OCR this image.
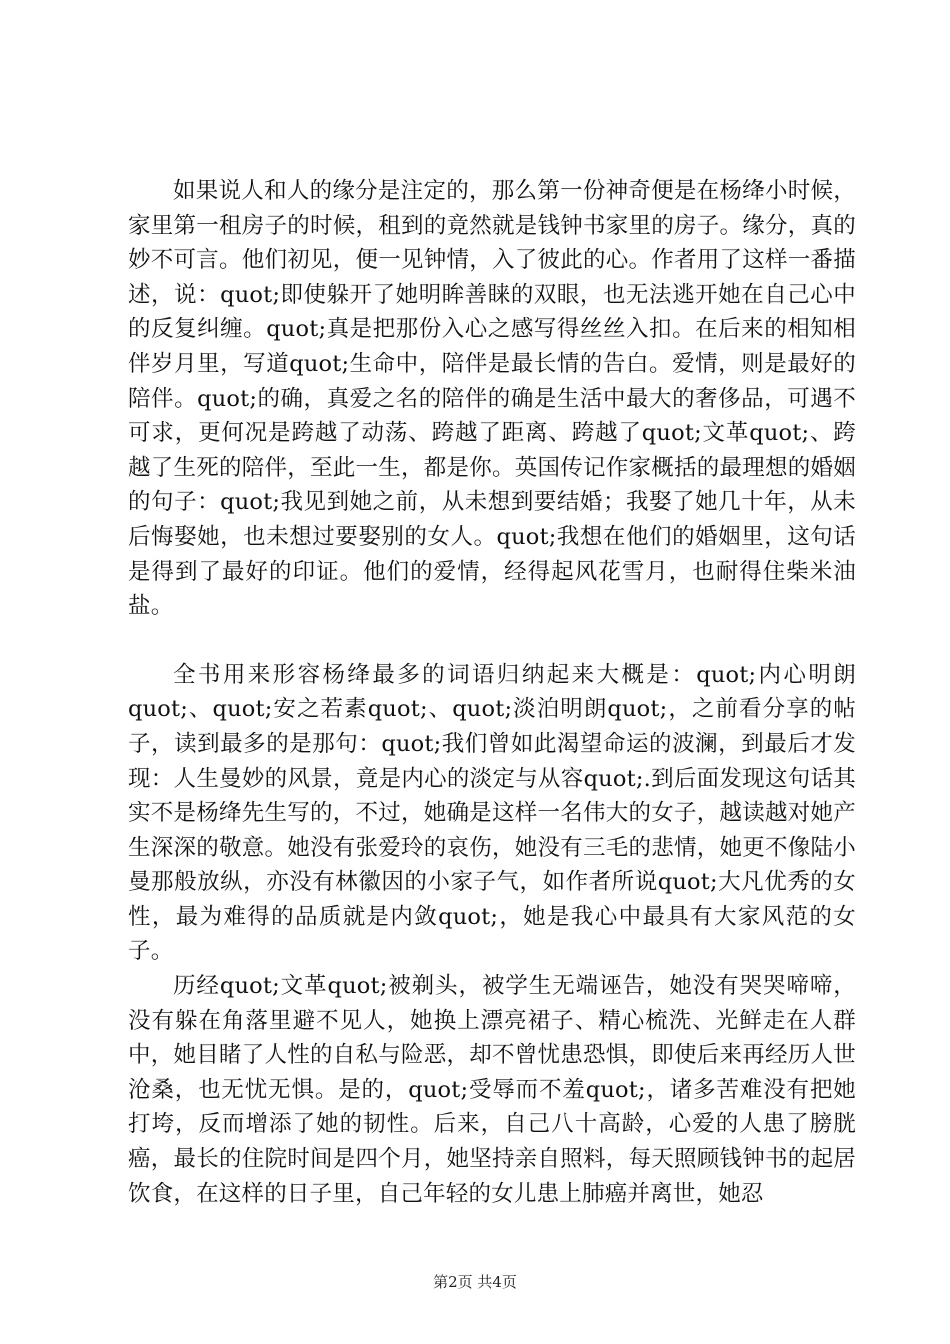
如果说人和人的缘分是注定的，那么第一份神奇便是在杨绛小时候，家里第一租房子的时候，租到的竟然就是钱钟书家里的房子。缘分，真的妙不可言。他们初见，便一见钟情，入了彼此的心。作者用了这样一番描述，说：quot;即使躲开了她明眸善睐的双眼，也无法逃开她在自己心中的反复纠缠。quot;真是把那份入心之感写得丝丝入扣。在后来的相知相伴岁月里，写道quot;生命中，陪伴是最长情的告白。爱情，则是最好的陪伴。quot;的确，真爱之名的陪伴的确是生活中最大的奢侈品，可遇不可求，更何况是跨越了动荡、跨越了距离、跨越了quot;文革quot;、跨越了生死的陪伴，至此一生，都是你。英国传记作家概括的最理想的婚姻的句子：quot;我见到她之前，从未想到要结婚；我娶了她几十年，从未后悔娶她，也未想过要娶别的女人。quot;我想在他们的婚姻里，这句话是得到了最好的印证。他们的爱情，经得起风花雪月，也耐得住柴米油盐。

全书用来形容杨绛最多的词语归纳起来大概是：quot;内心明朗quot;、quot;安之若素quot;、quot;淡泊明朗quot;，之前看分享的帖子，读到最多的是那句：quot;我们曾如此渴望命运的波澜，到最后才发现：人生曼妙的风景，竟是内心的淡定与从容quot;.到后面发现这句话其实不是杨绛先生写的，不过，她确是这样一名伟大的女子，越读越对她产生深深的敬意。她没有张爱玲的哀伤，她没有三毛的悲情，她更不像陆小曼那般放纵，亦没有林徽因的小家子气，如作者所说quot;大凡优秀的女性，最为难得的品质就是内敛quot;，她是我心中最具有大家风范的女子。

历经quot;文革quot;被剃头，被学生无端诬告，她没有哭哭啼啼，没有躲在角落里避不见人，她换上漂亮裙子、精心梳洗、光鲜走在人群中，她目睹了人性的自私与险恶，却不曾忧患恐惧，即使后来再经历人世沧桑，也无忧无惧。是的，quot;受辱而不羞quot;，诸多苦难没有把她打垮，反而增添了她的韧性。后来，自己八十高龄，心爱的人患了膀胱癌，最长的住院时间是四个月，她坚持亲自照料，每天照顾钱钟书的起居饮食，在这样的日子里，自己年轻的女儿患上肺癌并离世，她忍

第2页 共4页
